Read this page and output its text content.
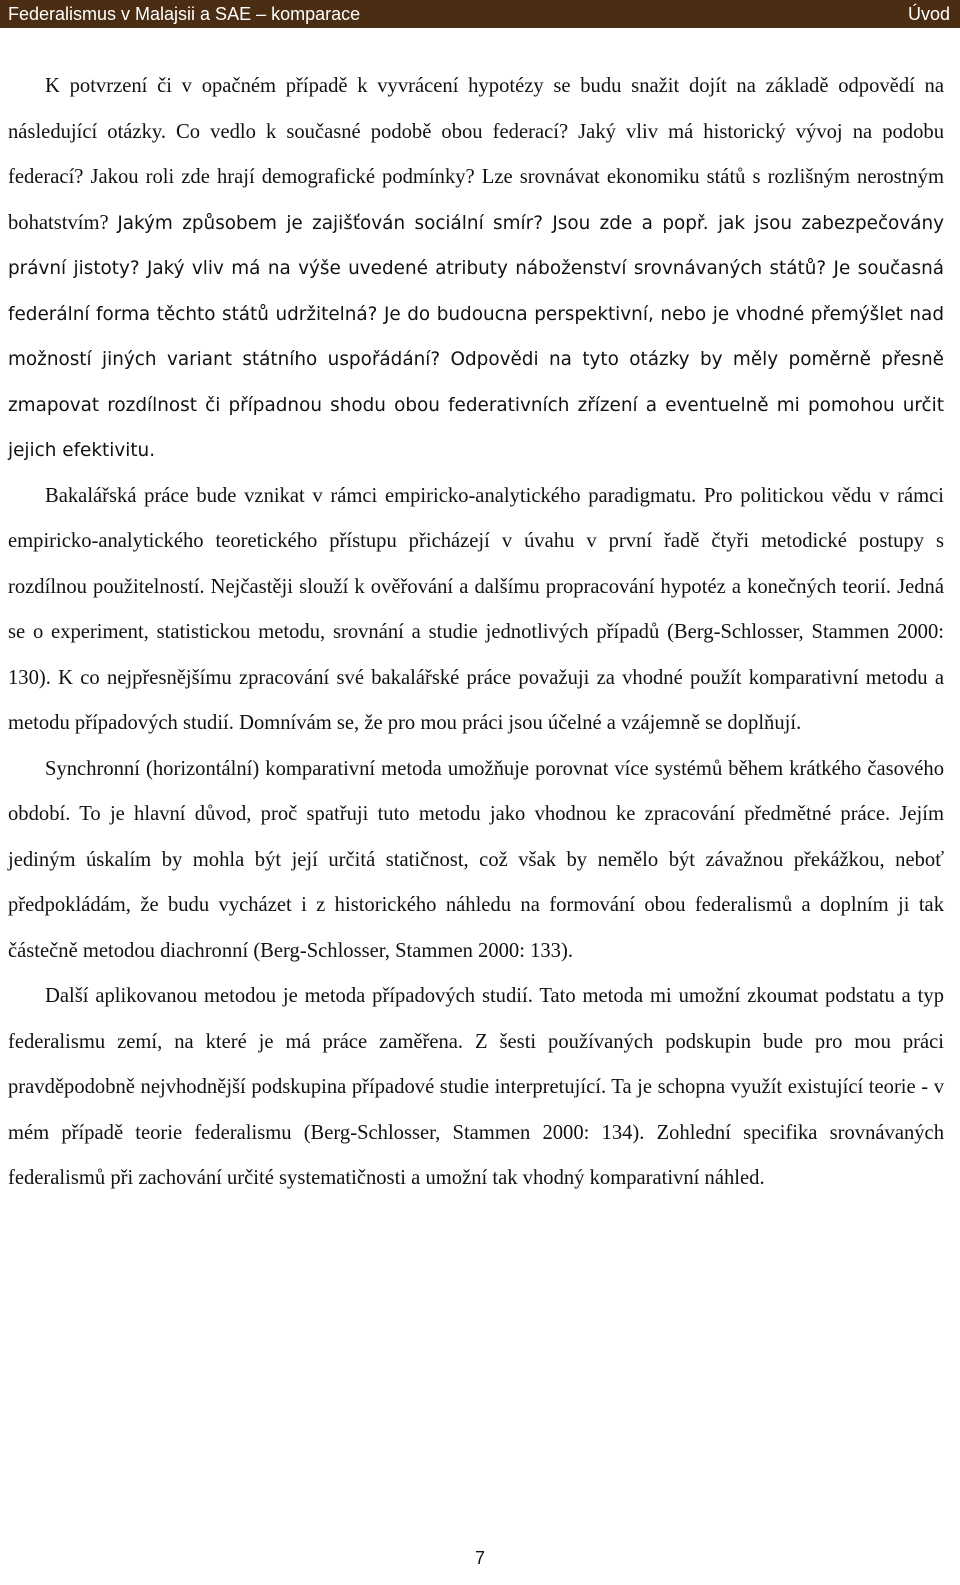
Federalismus v Malajsii a SAE – komparace	Úvod

K potvrzení či v opačném případě k vyvrácení hypotézy se budu snažit dojít na základě odpovědí na následující otázky. Co vedlo k současné podobě obou federací? Jaký vliv má historický vývoj na podobu federací? Jakou roli zde hrají demografické podmínky? Lze srovnávat ekonomiku států s rozlišným nerostným bohatstvím? Jakým způsobem je zajišťován sociální smír? Jsou zde a popř. jak jsou zabezpečovány právní jistoty? Jaký vliv má na výše uvedené atributy náboženství srovnávaných států? Je současná federální forma těchto států udržitelná? Je do budoucna perspektivní, nebo je vhodné přemýšlet nad možností jiných variant státního uspořádání? Odpovědi na tyto otázky by měly poměrně přesně zmapovat rozdílnost či případnou shodu obou federativních zřízení a eventuelně mi pomohou určit jejich efektivitu.

Bakalářská práce bude vznikat v rámci empiricko-analytického paradigmatu. Pro politickou vědu v rámci empiricko-analytického teoretického přístupu přicházejí v úvahu v první řadě čtyři metodické postupy s rozdílnou použitelností. Nejčastěji slouží k ověřování a dalšímu propracování hypotéz a konečných teorií. Jedná se o experiment, statistickou metodu, srovnání a studie jednotlivých případů (Berg-Schlosser, Stammen 2000: 130). K co nejpřesnějšímu zpracování své bakalářské práce považuji za vhodné použít komparativní metodu a metodu případových studií. Domnívám se, že pro mou práci jsou účelné a vzájemně se doplňují.

Synchronní (horizontální) komparativní metoda umožňuje porovnat více systémů během krátkého časového období. To je hlavní důvod, proč spatřuji tuto metodu jako vhodnou ke zpracování předmětné práce. Jejím jediným úskalím by mohla být její určitá statičnost, což však by nemělo být závažnou překážkou, neboť předpokládám, že budu vycházet i z historického náhledu na formování obou federalismů a doplním ji tak částečně metodou diachronní (Berg-Schlosser, Stammen 2000: 133).

Další aplikovanou metodou je metoda případových studií. Tato metoda mi umožní zkoumat podstatu a typ federalismu zemí, na které je má práce zaměřena. Z šesti používaných podskupin bude pro mou práci pravděpodobně nejvhodnější podskupina případové studie interpretující. Ta je schopna využít existující teorie - v mém případě teorie federalismu (Berg-Schlosser, Stammen 2000: 134). Zohlední specifika srovnávaných federalismů při zachování určité systematičnosti a umožní tak vhodný komparativní náhled.

7
